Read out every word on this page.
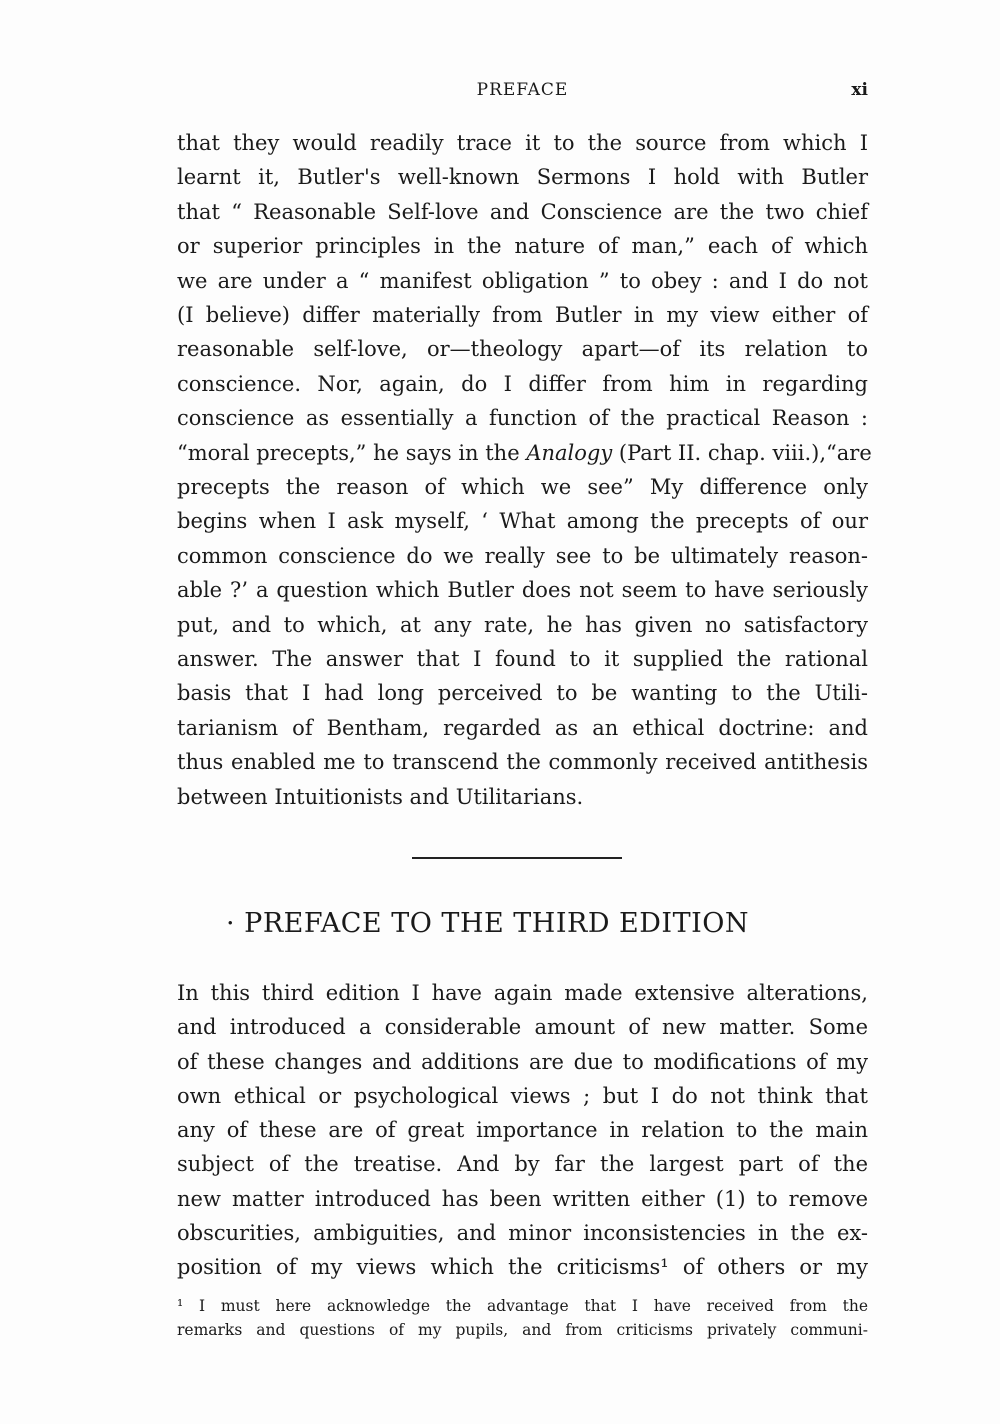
PREFACE	xi
that they would readily trace it to the source from which I
learnt it, Butler's well-known Sermons I hold with Butler
that “ Reasonable Self-love and Conscience are the two chief
or superior principles in the nature of man,” each of which
we are under a “ manifest obligation ” to obey : and I do not
(I believe) differ materially from Butler in my view either of
reasonable self-love, or—theology apart—of its relation to
conscience. Nor, again, do I differ from him in regarding
conscience as essentially a function of the practical Reason :
“moral precepts,” he says in the Analogy (Part II. chap. viii.),“are
precepts the reason of which we see” My difference only
begins when I ask myself, ‘ What among the precepts of our
common conscience do we really see to be ultimately reason-
able ?’ a question which Butler does not seem to have seriously
put, and to which, at any rate, he has given no satisfactory
answer. The answer that I found to it supplied the rational
basis that I had long perceived to be wanting to the Utili-
tarianism of Bentham, regarded as an ethical doctrine: and
thus enabled me to transcend the commonly received antithesis
between Intuitionists and Utilitarians.
· PREFACE TO THE THIRD EDITION
In this third edition I have again made extensive alterations,
and introduced a considerable amount of new matter. Some
of these changes and additions are due to modifications of my
own ethical or psychological views ; but I do not think that
any of these are of great importance in relation to the main
subject of the treatise. And by far the largest part of the
new matter introduced has been written either (1) to remove
obscurities, ambiguities, and minor inconsistencies in the ex-
position of my views which the criticisms¹ of others or my
¹ I must here acknowledge the advantage that I have received from the
remarks and questions of my pupils, and from criticisms privately communi-
